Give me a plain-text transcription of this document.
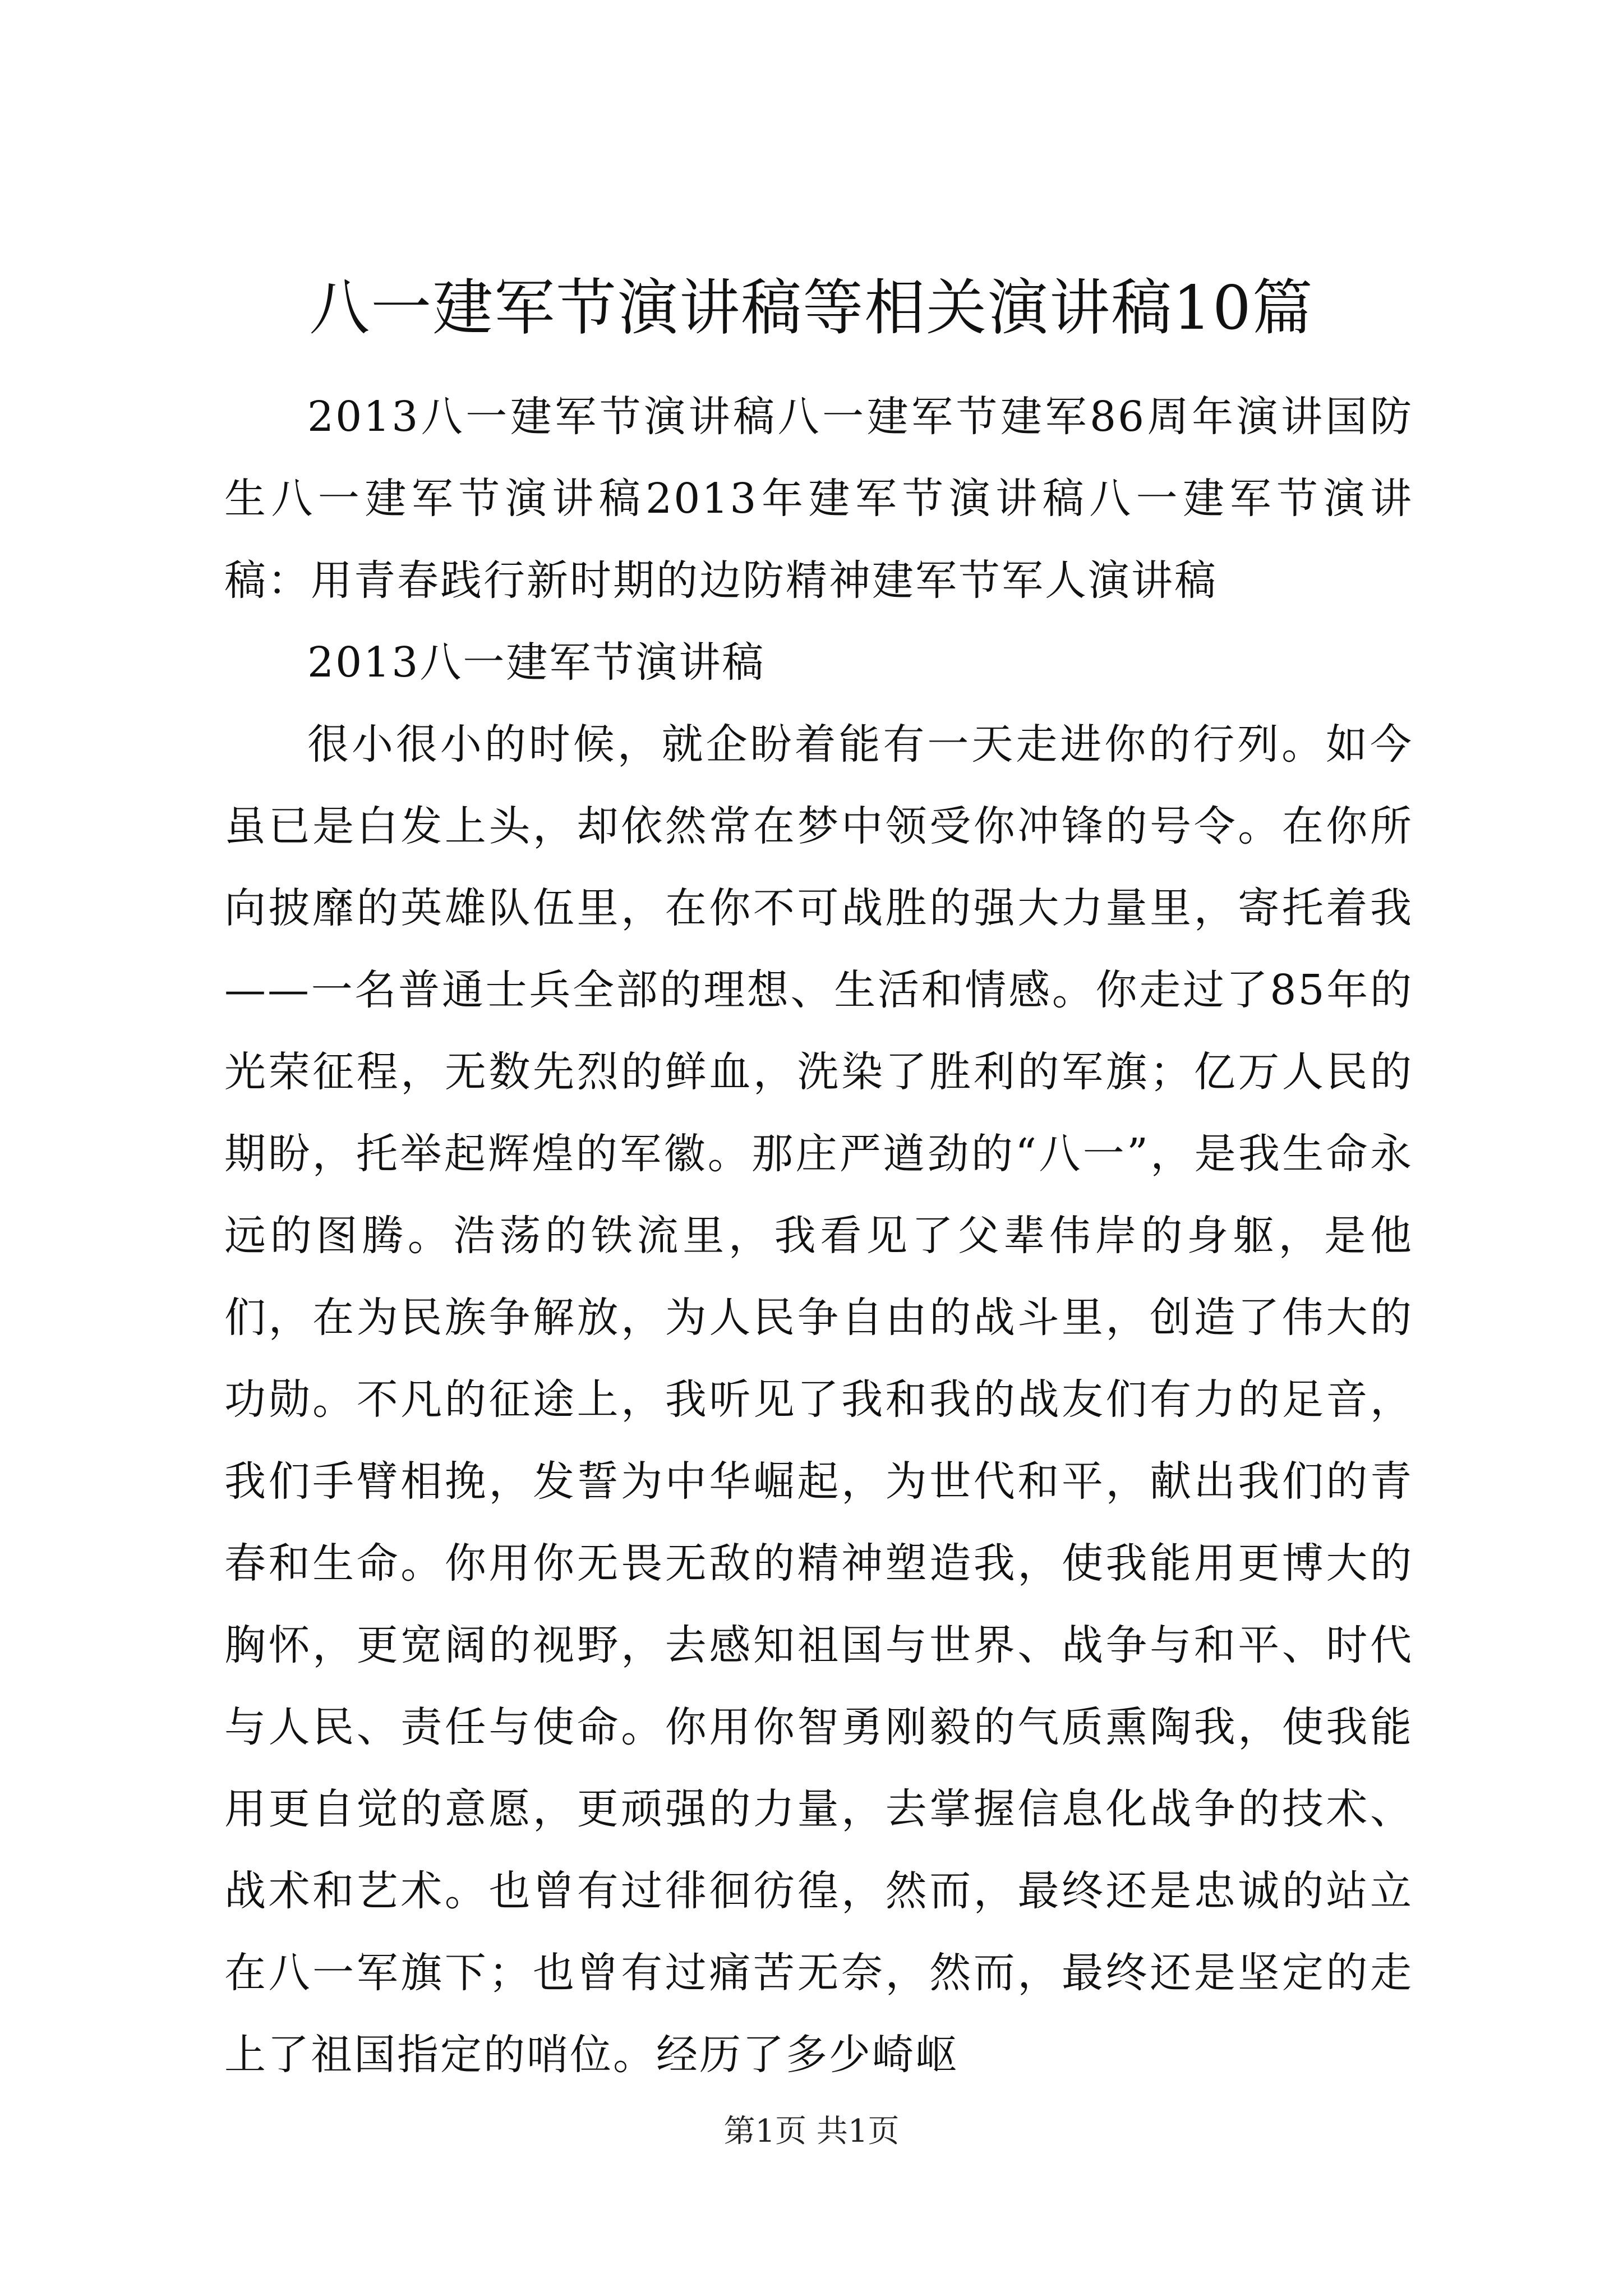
八一建军节演讲稿等相关演讲稿10篇

2013八一建军节演讲稿八一建军节建军86周年演讲国防生八一建军节演讲稿2013年建军节演讲稿八一建军节演讲稿：用青春践行新时期的边防精神建军节军人演讲稿

2013八一建军节演讲稿

很小很小的时候，就企盼着能有一天走进你的行列。如今虽已是白发上头，却依然常在梦中领受你冲锋的号令。在你所向披靡的英雄队伍里，在你不可战胜的强大力量里，寄托着我——一名普通士兵全部的理想、生活和情感。你走过了85年的光荣征程，无数先烈的鲜血，洗染了胜利的军旗；亿万人民的期盼，托举起辉煌的军徽。那庄严遒劲的“八一”，是我生命永远的图腾。浩荡的铁流里，我看见了父辈伟岸的身躯，是他们，在为民族争解放，为人民争自由的战斗里，创造了伟大的功勋。不凡的征途上，我听见了我和我的战友们有力的足音，我们手臂相挽，发誓为中华崛起，为世代和平，献出我们的青春和生命。你用你无畏无敌的精神塑造我，使我能用更博大的胸怀，更宽阔的视野，去感知祖国与世界、战争与和平、时代与人民、责任与使命。你用你智勇刚毅的气质熏陶我，使我能用更自觉的意愿，更顽强的力量，去掌握信息化战争的技术、战术和艺术。也曾有过徘徊彷徨，然而，最终还是忠诚的站立在八一军旗下；也曾有过痛苦无奈，然而，最终还是坚定的走上了祖国指定的哨位。经历了多少崎岖

第1页 共1页
